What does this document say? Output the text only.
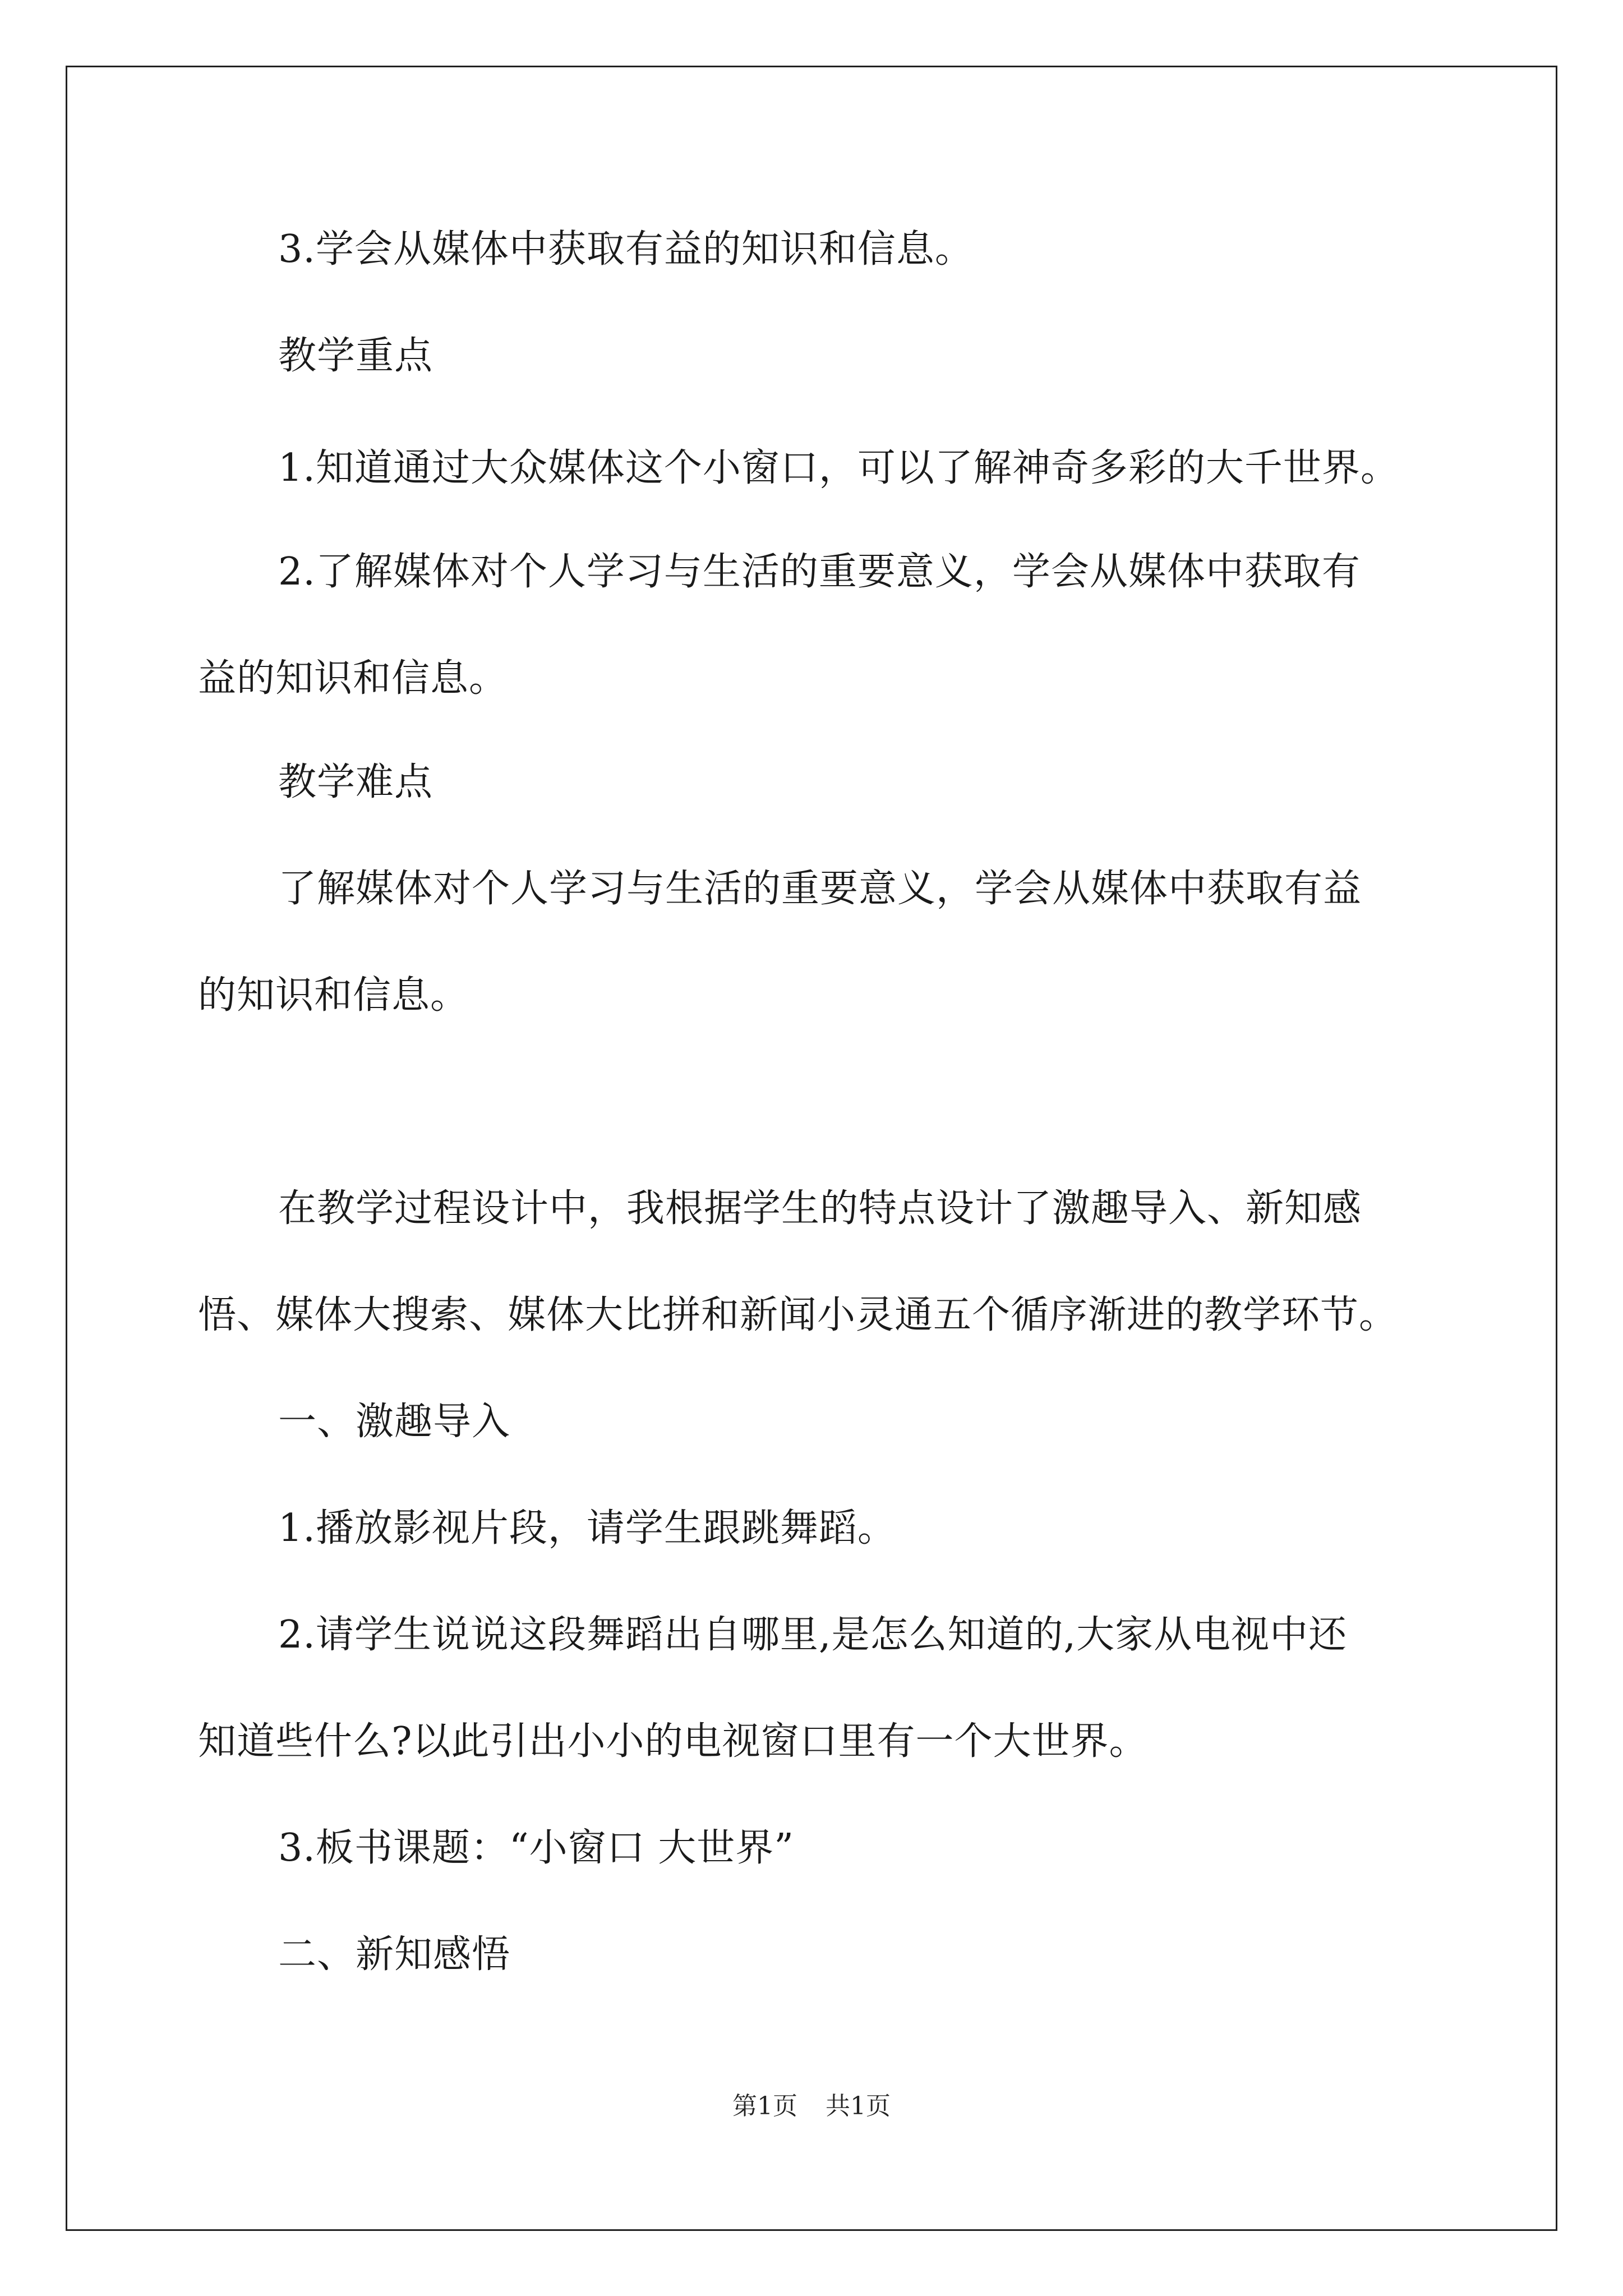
3.学会从媒体中获取有益的知识和信息。
教学重点
1.知道通过大众媒体这个小窗口，可以了解神奇多彩的大千世界。
2.了解媒体对个人学习与生活的重要意义，学会从媒体中获取有
益的知识和信息。
教学难点
了解媒体对个人学习与生活的重要意义，学会从媒体中获取有益
的知识和信息。
在教学过程设计中，我根据学生的特点设计了激趣导入、新知感
悟、媒体大搜索、媒体大比拼和新闻小灵通五个循序渐进的教学环节。
一、激趣导入
1.播放影视片段，请学生跟跳舞蹈。
2.请学生说说这段舞蹈出自哪里,是怎么知道的,大家从电视中还
知道些什么?以此引出小小的电视窗口里有一个大世界。
3.板书课题：“小窗口 大世界”
二、新知感悟
第1页 共1页
